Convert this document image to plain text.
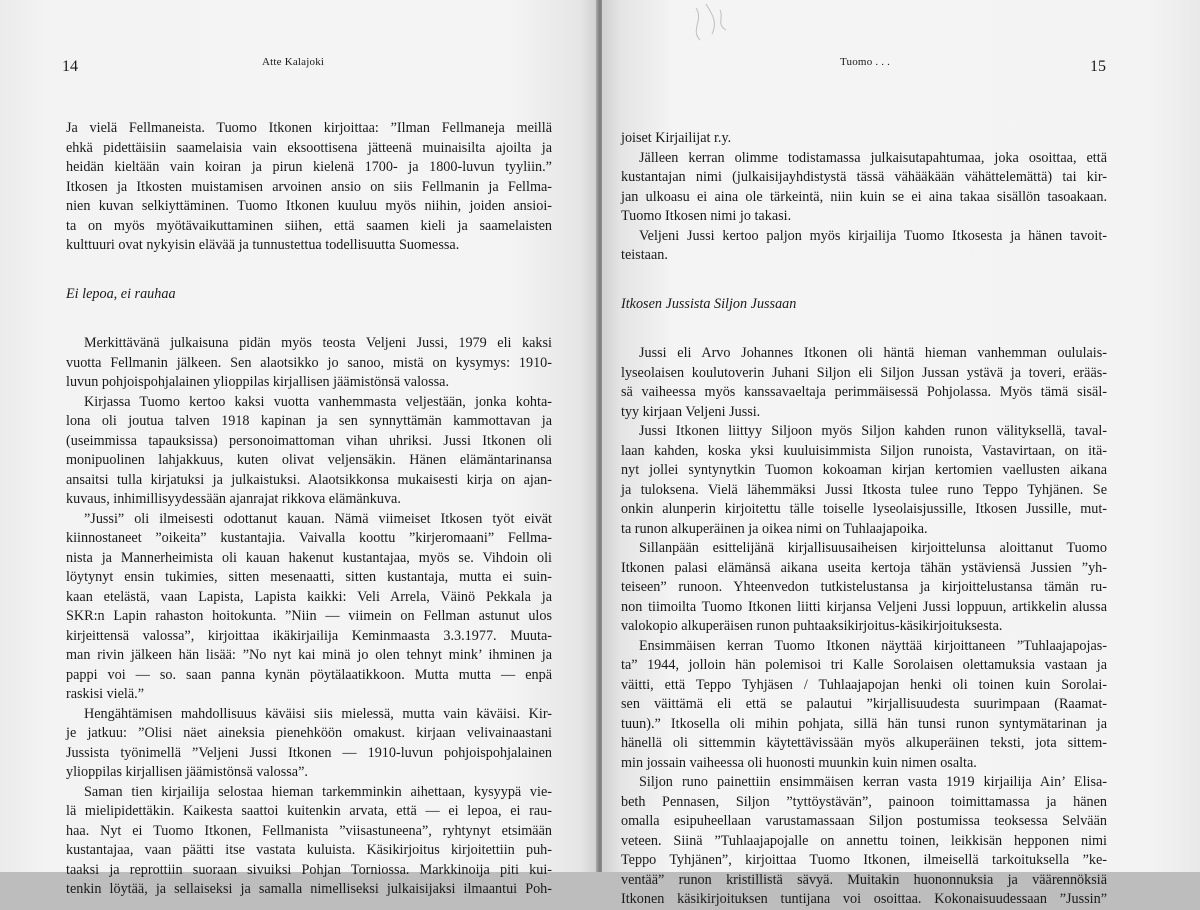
14	Atte Kalajoki
Ja vielä Fellmaneista. Tuomo Itkonen kirjoittaa: ”Ilman Fellmaneja meillä
ehkä pidettäisiin saamelaisia vain eksoottisena jätteenä muinaisilta ajoilta ja
heidän kieltään vain koiran ja pirun kielenä 1700- ja 1800-luvun tyyliin.”
Itkosen ja Itkosten muistamisen arvoinen ansio on siis Fellmanin ja Fellma-
nien kuvan selkiyttäminen. Tuomo Itkonen kuuluu myös niihin, joiden ansioi-
ta on myös myötävaikuttaminen siihen, että saamen kieli ja saamelaisten
kulttuuri ovat nykyisin elävää ja tunnustettua todellisuutta Suomessa.
Ei lepoa, ei rauhaa
Merkittävänä julkaisuna pidän myös teosta Veljeni Jussi, 1979 eli kaksi
vuotta Fellmanin jälkeen. Sen alaotsikko jo sanoo, mistä on kysymys: 1910-
luvun pohjoispohjalainen ylioppilas kirjallisen jäämistönsä valossa.
Kirjassa Tuomo kertoo kaksi vuotta vanhemmasta veljestään, jonka kohta-
lona oli joutua talven 1918 kapinan ja sen synnyttämän kammottavan ja
(useimmissa tapauksissa) personoimattoman vihan uhriksi. Jussi Itkonen oli
monipuolinen lahjakkuus, kuten olivat veljensäkin. Hänen elämäntarinansa
ansaitsi tulla kirjatuksi ja julkaistuksi. Alaotsikkonsa mukaisesti kirja on ajan-
kuvaus, inhimillisyydessään ajanrajat rikkova elämänkuva.
”Jussi” oli ilmeisesti odottanut kauan. Nämä viimeiset Itkosen työt eivät
kiinnostaneet ”oikeita” kustantajia. Vaivalla koottu ”kirjeromaani” Fellma-
nista ja Mannerheimista oli kauan hakenut kustantajaa, myös se. Vihdoin oli
löytynyt ensin tukimies, sitten mesenaatti, sitten kustantaja, mutta ei suin-
kaan etelästä, vaan Lapista, Lapista kaikki: Veli Arrela, Väinö Pekkala ja
SKR:n Lapin rahaston hoitokunta. ”Niin — viimein on Fellman astunut ulos
kirjeittensä valossa”, kirjoittaa ikäkirjailija Keminmaasta 3.3.1977. Muuta-
man rivin jälkeen hän lisää: ”No nyt kai minä jo olen tehnyt mink’ ihminen ja
pappi voi — so. saan panna kynän pöytälaatikkoon. Mutta mutta — enpä
raskisi vielä.”
Hengähtämisen mahdollisuus käväisi siis mielessä, mutta vain käväisi. Kir-
je jatkuu: ”Olisi näet aineksia pienehköön omakust. kirjaan velivainaastani
Jussista työnimellä ”Veljeni Jussi Itkonen — 1910-luvun pohjoispohjalainen
ylioppilas kirjallisen jäämistönsä valossa”.
Saman tien kirjailija selostaa hieman tarkemminkin aihettaan, kysyypä vie-
lä mielipidettäkin. Kaikesta saattoi kuitenkin arvata, että — ei lepoa, ei rau-
haa. Nyt ei Tuomo Itkonen, Fellmanista ”viisastuneena”, ryhtynyt etsimään
kustantajaa, vaan päätti itse vastata kuluista. Käsikirjoitus kirjoitettiin puh-
taaksi ja reprottiin suoraan sivuiksi Pohjan Torniossa. Markkinoija piti kui-
tenkin löytää, ja sellaiseksi ja samalla nimelliseksi julkaisijaksi ilmaantui Poh-
Tuomo . . .	15
joiset Kirjailijat r.y.
Jälleen kerran olimme todistamassa julkaisutapahtumaa, joka osoittaa, että
kustantajan nimi (julkaisijayhdistystä tässä vähääkään vähättelemättä) tai kir-
jan ulkoasu ei aina ole tärkeintä, niin kuin se ei aina takaa sisällön tasoakaan.
Tuomo Itkosen nimi jo takasi.
Veljeni Jussi kertoo paljon myös kirjailija Tuomo Itkosesta ja hänen tavoit-
teistaan.
Itkosen Jussista Siljon Jussaan
Jussi eli Arvo Johannes Itkonen oli häntä hieman vanhemman oululais-
lyseolaisen koulutoverin Juhani Siljon eli Siljon Jussan ystävä ja toveri, erääs-
sä vaiheessa myös kanssavaeltaja perimmäisessä Pohjolassa. Myös tämä sisäl-
tyy kirjaan Veljeni Jussi.
Jussi Itkonen liittyy Siljoon myös Siljon kahden runon välityksellä, taval-
laan kahden, koska yksi kuuluisimmista Siljon runoista, Vastavirtaan, on itä-
nyt jollei syntynytkin Tuomon kokoaman kirjan kertomien vaellusten aikana
ja tuloksena. Vielä lähemmäksi Jussi Itkosta tulee runo Teppo Tyhjänen. Se
onkin alunperin kirjoitettu tälle toiselle lyseolaisjussille, Itkosen Jussille, mut-
ta runon alkuperäinen ja oikea nimi on Tuhlaajapoika.
Sillanpään esittelijänä kirjallisuusaiheisen kirjoittelunsa aloittanut Tuomo
Itkonen palasi elämänsä aikana useita kertoja tähän ystäviensä Jussien ”yh-
teiseen” runoon. Yhteenvedon tutkistelustansa ja kirjoittelustansa tämän ru-
non tiimoilta Tuomo Itkonen liitti kirjansa Veljeni Jussi loppuun, artikkelin alussa
valokopio alkuperäisen runon puhtaaksikirjoitus-käsikirjoituksesta.
Ensimmäisen kerran Tuomo Itkonen näyttää kirjoittaneen ”Tuhlaajapojas-
ta” 1944, jolloin hän polemisoi tri Kalle Sorolaisen olettamuksia vastaan ja
väitti, että Teppo Tyhjäsen / Tuhlaajapojan henki oli toinen kuin Sorolai-
sen väittämä eli että se palautui ”kirjallisuudesta suurimpaan (Raamat-
tuun).” Itkosella oli mihin pohjata, sillä hän tunsi runon syntymätarinan ja
hänellä oli sittemmin käytettävissään myös alkuperäinen teksti, jota sittem-
min jossain vaiheessa oli huonosti muunkin kuin nimen osalta.
Siljon runo painettiin ensimmäisen kerran vasta 1919 kirjailija Ain’ Elisa-
beth Pennasen, Siljon ”tyttöystävän”, painoon toimittamassa ja hänen
omalla esipuheellaan varustamassaan Siljon postumissa teoksessa Selvään
veteen. Siinä ”Tuhlaajapojalle on annettu toinen, leikkisän hepponen nimi
Teppo Tyhjänen”, kirjoittaa Tuomo Itkonen, ilmeisellä tarkoituksella ”ke-
ventää” runon kristillistä sävyä. Muitakin huononnuksia ja väärennöksiä
Itkonen käsikirjoituksen tuntijana voi osoittaa. Kokonaisuudessaan ”Jussin”
